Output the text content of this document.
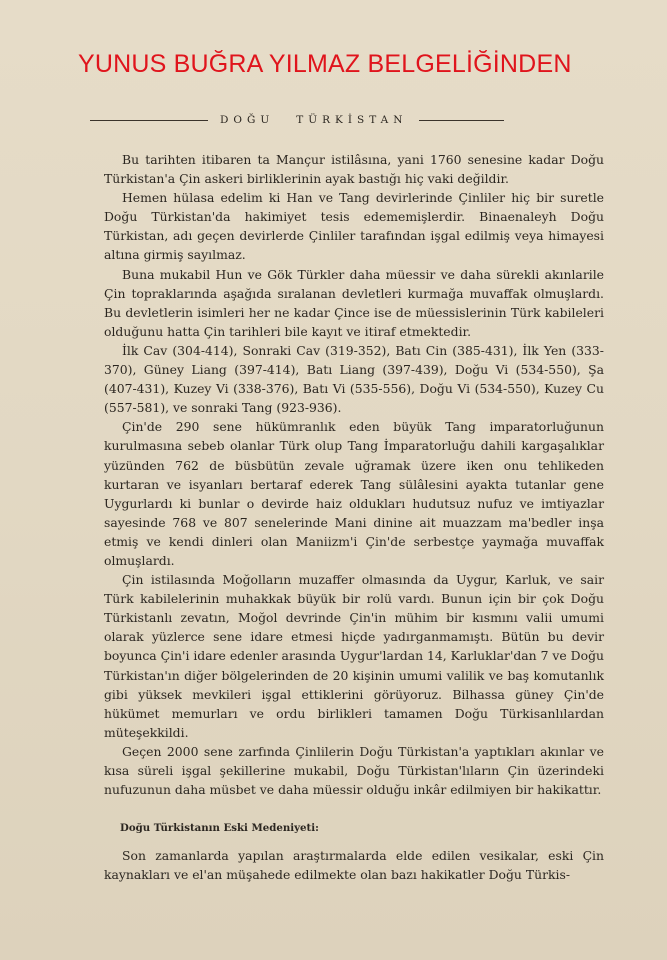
YUNUS BUĞRA YILMAZ BELGELİĞİNDEN
DOĞU TÜRKİSTAN

Bu tarihten itibaren ta Mançur istilâsına, yani 1760 senesine kadar Doğu Türkistan'a Çin askeri birliklerinin ayak bastığı hiç vaki değildir.

Hemen hülasa edelim ki Han ve Tang devirlerinde Çinliler hiç bir suretle Doğu Türkistan'da hakimiyet tesis edememişlerdir. Binaenaleyh Doğu Türkistan, adı geçen devirlerde Çinliler tarafından işgal edilmiş veya himayesi altına girmiş sayılmaz.

Buna mukabil Hun ve Gök Türkler daha müessir ve daha sürekli akınlarile Çin topraklarında aşağıda sıralanan devletleri kurmağa muvaffak olmuşlardı. Bu devletlerin isimleri her ne kadar Çince ise de müessislerinin Türk kabileleri olduğunu hatta Çin tarihleri bile kayıt ve itiraf etmektedir.

İlk Cav (304-414), Sonraki Cav (319-352), Batı Cin (385-431), İlk Yen (333-370), Güney Liang (397-414), Batı Liang (397-439), Doğu Vi (534-550), Şa (407-431), Kuzey Vi (338-376), Batı Vi (535-556), Doğu Vi (534-550), Kuzey Cu (557-581), ve sonraki Tang (923-936).

Çin'de 290 sene hükümranlık eden büyük Tang imparatorluğunun kurulmasına sebeb olanlar Türk olup Tang İmparatorluğu dahili kargaşalıklar yüzünden 762 de büsbütün zevale uğramak üzere iken onu tehlikeden kurtaran ve isyanları bertaraf ederek Tang sülâlesini ayakta tutanlar gene Uygurlardı ki bunlar o devirde haiz oldukları hudutsuz nufuz ve imtiyazlar sayesinde 768 ve 807 senelerinde Mani dinine ait muazzam ma'bedler inşa etmiş ve kendi dinleri olan Maniizm'i Çin'de serbestçe yaymağa muvaffak olmuşlardı.

Çin istilasında Moğolların muzaffer olmasında da Uygur, Karluk, ve sair Türk kabilelerinin muhakkak büyük bir rolü vardı. Bunun için bir çok Doğu Türkistanlı zevatın, Moğol devrinde Çin'in mühim bir kısmını valii umumi olarak yüzlerce sene idare etmesi hiçde yadırganmamıştı. Bütün bu devir boyunca Çin'i idare edenler arasında Uygur'lardan 14, Karluklar'dan 7 ve Doğu Türkistan'ın diğer bölgelerinden de 20 kişinin umumi valilik ve baş komutanlık gibi yüksek mevkileri işgal ettiklerini görüyoruz. Bilhassa güney Çin'de hükümet memurları ve ordu birlikleri tamamen Doğu Türkisanlılardan müteşekkildi.

Geçen 2000 sene zarfında Çinlilerin Doğu Türkistan'a yaptıkları akınlar ve kısa süreli işgal şekillerine mukabil, Doğu Türkistan'lıların Çin üzerindeki nufuzunun daha müsbet ve daha müessir olduğu inkâr edilmiyen bir hakikattır.

Doğu Türkistanın Eski Medeniyeti:

Son zamanlarda yapılan araştırmalarda elde edilen vesikalar, eski Çin kaynakları ve el'an müşahede edilmekte olan bazı hakikatler Doğu Türkis-
